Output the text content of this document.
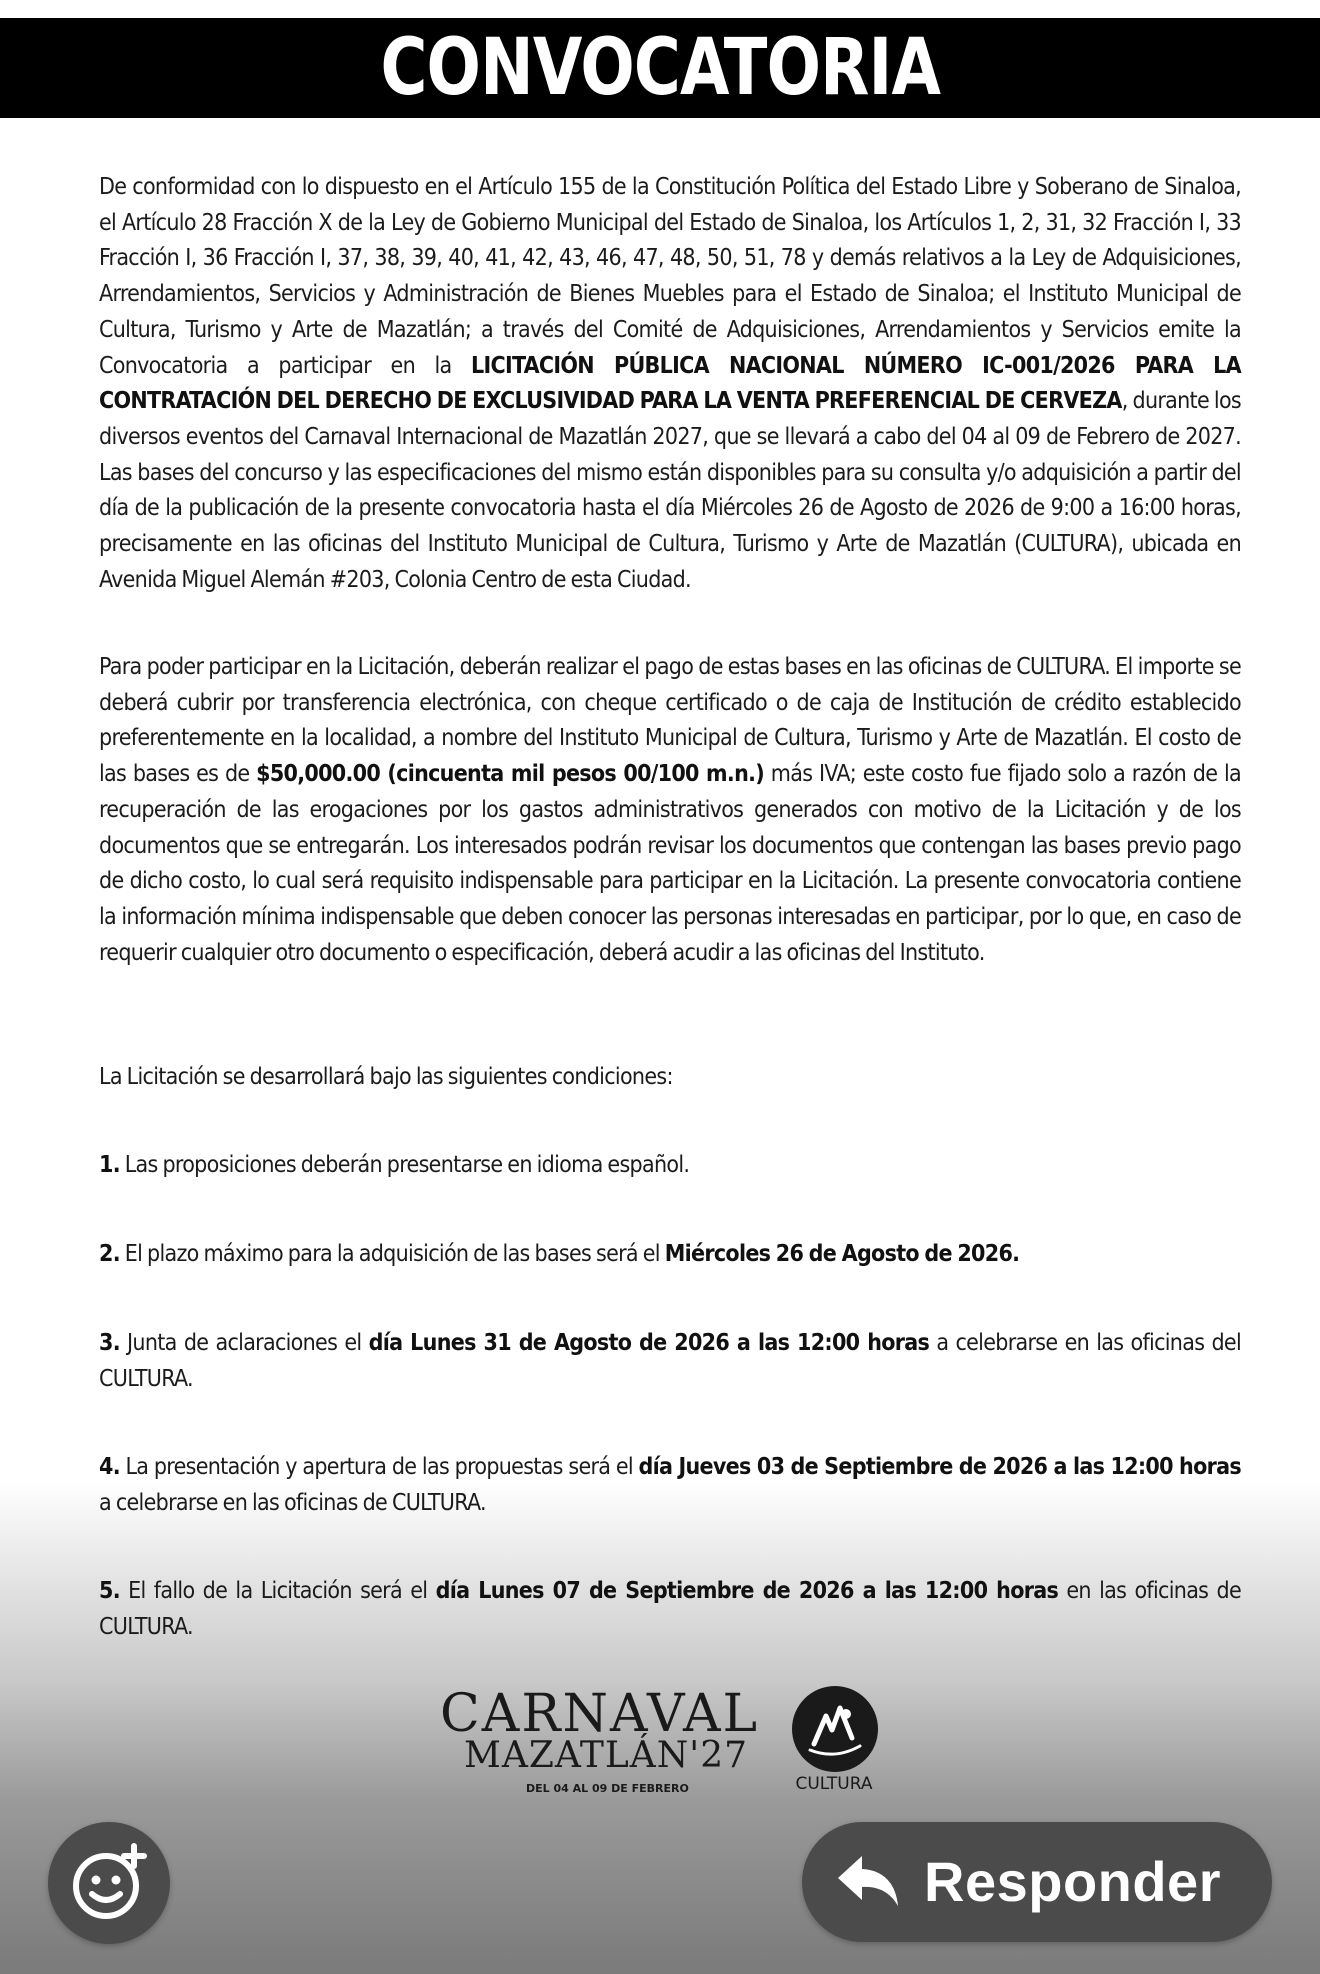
CONVOCATORIA
De conformidad con lo dispuesto en el Artículo 155 de la Constitución Política del Estado Libre y Soberano de Sinaloa, el Artículo 28 Fracción X de la Ley de Gobierno Municipal del Estado de Sinaloa, los Artículos 1, 2, 31, 32 Fracción I, 33 Fracción I, 36 Fracción I, 37, 38, 39, 40, 41, 42, 43, 46, 47, 48, 50, 51, 78 y demás relativos a la Ley de Adquisiciones, Arrendamientos, Servicios y Administración de Bienes Muebles para el Estado de Sinaloa; el Instituto Municipal de Cultura, Turismo y Arte de Mazatlán; a través del Comité de Adquisiciones, Arrendamientos y Servicios emite la Convocatoria a participar en la LICITACIÓN PÚBLICA NACIONAL NÚMERO IC-001/2026 PARA LA CONTRATACIÓN DEL DERECHO DE EXCLUSIVIDAD PARA LA VENTA PREFERENCIAL DE CERVEZA, durante los diversos eventos del Carnaval Internacional de Mazatlán 2027, que se llevará a cabo del 04 al 09 de Febrero de 2027. Las bases del concurso y las especificaciones del mismo están disponibles para su consulta y/o adquisición a partir del día de la publicación de la presente convocatoria hasta el día Miércoles 26 de Agosto de 2026 de 9:00 a 16:00 horas, precisamente en las oficinas del Instituto Municipal de Cultura, Turismo y Arte de Mazatlán (CULTURA), ubicada en Avenida Miguel Alemán #203, Colonia Centro de esta Ciudad.
Para poder participar en la Licitación, deberán realizar el pago de estas bases en las oficinas de CULTURA. El importe se deberá cubrir por transferencia electrónica, con cheque certificado o de caja de Institución de crédito establecido preferentemente en la localidad, a nombre del Instituto Municipal de Cultura, Turismo y Arte de Mazatlán. El costo de las bases es de $50,000.00 (cincuenta mil pesos 00/100 m.n.) más IVA; este costo fue fijado solo a razón de la recuperación de las erogaciones por los gastos administrativos generados con motivo de la Licitación y de los documentos que se entregarán. Los interesados podrán revisar los documentos que contengan las bases previo pago de dicho costo, lo cual será requisito indispensable para participar en la Licitación. La presente convocatoria contiene la información mínima indispensable que deben conocer las personas interesadas en participar, por lo que, en caso de requerir cualquier otro documento o especificación, deberá acudir a las oficinas del Instituto.
La Licitación se desarrollará bajo las siguientes condiciones:
1. Las proposiciones deberán presentarse en idioma español.
2. El plazo máximo para la adquisición de las bases será el Miércoles 26 de Agosto de 2026.
3. Junta de aclaraciones el día Lunes 31 de Agosto de 2026 a las 12:00 horas a celebrarse en las oficinas del CULTURA.
4. La presentación y apertura de las propuestas será el día Jueves 03 de Septiembre de 2026 a las 12:00 horas a celebrarse en las oficinas de CULTURA.
5. El fallo de la Licitación será el día Lunes 07 de Septiembre de 2026 a las 12:00 horas en las oficinas de CULTURA.
CARNAVAL
MAZATLÁN'27
DEL 04 AL 09 DE FEBRERO	CULTURA
Responder
